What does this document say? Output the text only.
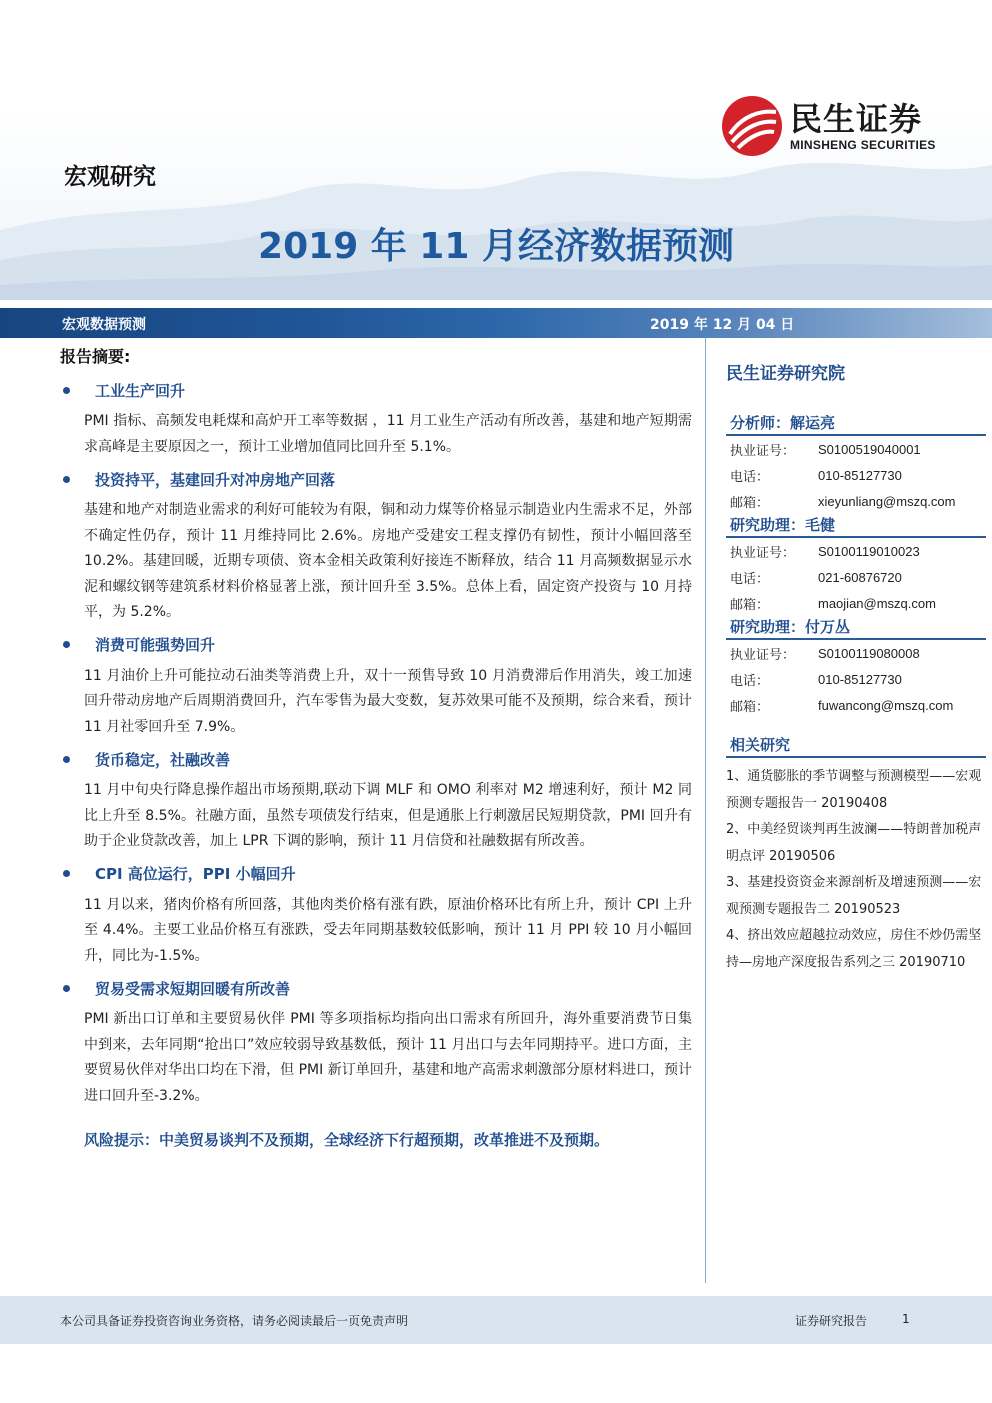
民生证券
MINSHENG SECURITIES
宏观研究
2019 年 11 月经济数据预测
宏观数据预测	2019 年 12 月 04 日
报告摘要:
工业生产回升
PMI 指标、高频发电耗煤和高炉开工率等数据 ，11 月工业生产活动有所改善，基建和地产短期需求高峰是主要原因之一，预计工业增加值同比回升至 5.1%。
投资持平，基建回升对冲房地产回落
基建和地产对制造业需求的利好可能较为有限，铜和动力煤等价格显示制造业内生需求不足，外部不确定性仍存，预计 11 月维持同比 2.6%。房地产受建安工程支撑仍有韧性，预计小幅回落至 10.2%。基建回暖，近期专项债、资本金相关政策利好接连不断释放，结合 11 月高频数据显示水泥和螺纹钢等建筑系材料价格显著上涨，预计回升至 3.5%。总体上看，固定资产投资与 10 月持平，为 5.2%。
消费可能强势回升
11 月油价上升可能拉动石油类等消费上升，双十一预售导致 10 月消费滞后作用消失，竣工加速回升带动房地产后周期消费回升，汽车零售为最大变数，复苏效果可能不及预期，综合来看，预计 11 月社零回升至 7.9%。
货币稳定，社融改善
11 月中旬央行降息操作超出市场预期,联动下调 MLF 和 OMO 利率对 M2 增速利好，预计 M2 同比上升至 8.5%。社融方面，虽然专项债发行结束，但是通胀上行刺激居民短期贷款，PMI 回升有助于企业贷款改善，加上 LPR 下调的影响，预计 11 月信贷和社融数据有所改善。
CPI 高位运行，PPI 小幅回升
11 月以来，猪肉价格有所回落，其他肉类价格有涨有跌，原油价格环比有所上升，预计 CPI 上升至 4.4%。主要工业品价格互有涨跌，受去年同期基数较低影响，预计 11 月 PPI 较 10 月小幅回升，同比为-1.5%。
贸易受需求短期回暖有所改善
PMI 新出口订单和主要贸易伙伴 PMI 等多项指标均指向出口需求有所回升，海外重要消费节日集中到来，去年同期“抢出口”效应较弱导致基数低，预计 11 月出口与去年同期持平。进口方面，主要贸易伙伴对华出口均在下滑，但 PMI 新订单回升，基建和地产高需求刺激部分原材料进口，预计进口回升至-3.2%。
风险提示：中美贸易谈判不及预期，全球经济下行超预期，改革推进不及预期。
民生证券研究院
分析师：解运亮
执业证号：	S0100519040001
电话：	010-85127730
邮箱：	xieyunliang@mszq.com
研究助理：毛健
执业证号：	S0100119010023
电话：	021-60876720
邮箱：	maojian@mszq.com
研究助理：付万丛
执业证号：	S0100119080008
电话：	010-85127730
邮箱：	fuwancong@mszq.com
相关研究
1、通货膨胀的季节调整与预测模型——宏观预测专题报告一 20190408
2、中美经贸谈判再生波澜——特朗普加税声明点评 20190506
3、基建投资资金来源剖析及增速预测——宏观预测专题报告二 20190523
4、挤出效应超越拉动效应，房住不炒仍需坚持—房地产深度报告系列之三 20190710
本公司具备证券投资咨询业务资格，请务必阅读最后一页免责声明	证券研究报告	1
